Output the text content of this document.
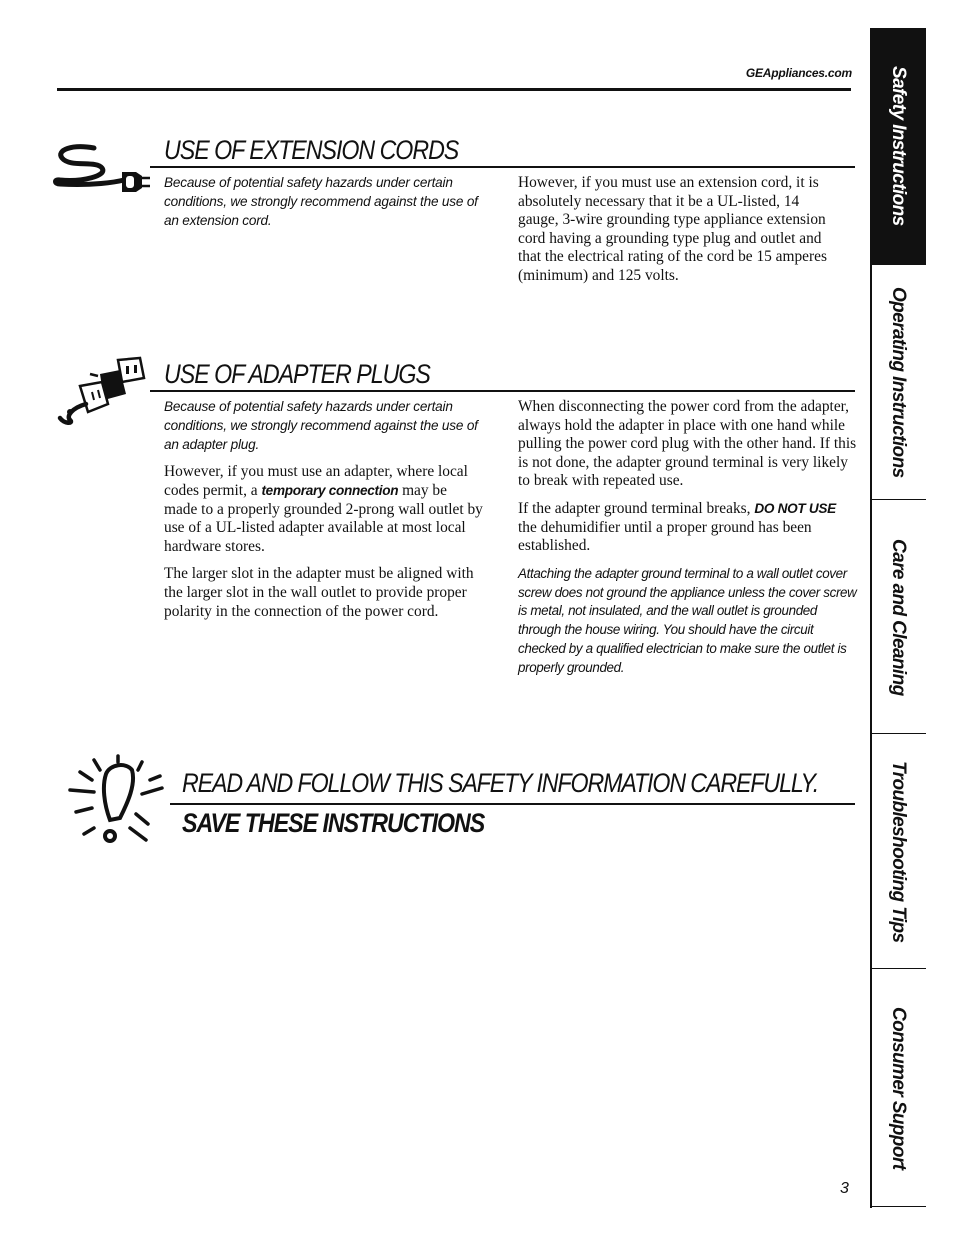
GEAppliances.com
USE OF EXTENSION CORDS

Because of potential safety hazards under certain conditions, we strongly recommend against the use of an extension cord.

However, if you must use an extension cord, it is absolutely necessary that it be a UL-listed, 14 gauge, 3-wire grounding type appliance extension cord having a grounding type plug and outlet and that the electrical rating of the cord be 15 amperes (minimum) and 125 volts.

USE OF ADAPTER PLUGS

Because of potential safety hazards under certain conditions, we strongly recommend against the use of an adapter plug.

However, if you must use an adapter, where local codes permit, a temporary connection may be made to a properly grounded 2-prong wall outlet by use of a UL-listed adapter available at most local hardware stores.

The larger slot in the adapter must be aligned with the larger slot in the wall outlet to provide proper polarity in the connection of the power cord.

When disconnecting the power cord from the adapter, always hold the adapter in place with one hand while pulling the power cord plug with the other hand. If this is not done, the adapter ground terminal is very likely to break with repeated use.

If the adapter ground terminal breaks, DO NOT USE the dehumidifier until a proper ground has been established.

Attaching the adapter ground terminal to a wall outlet cover screw does not ground the appliance unless the cover screw is metal, not insulated, and the wall outlet is grounded through the house wiring. You should have the circuit checked by a qualified electrician to make sure the outlet is properly grounded.

READ AND FOLLOW THIS SAFETY INFORMATION CAREFULLY.
SAVE THESE INSTRUCTIONS
Safety Instructions
Operating Instructions
Care and Cleaning
Troubleshooting Tips
Consumer Support
3
